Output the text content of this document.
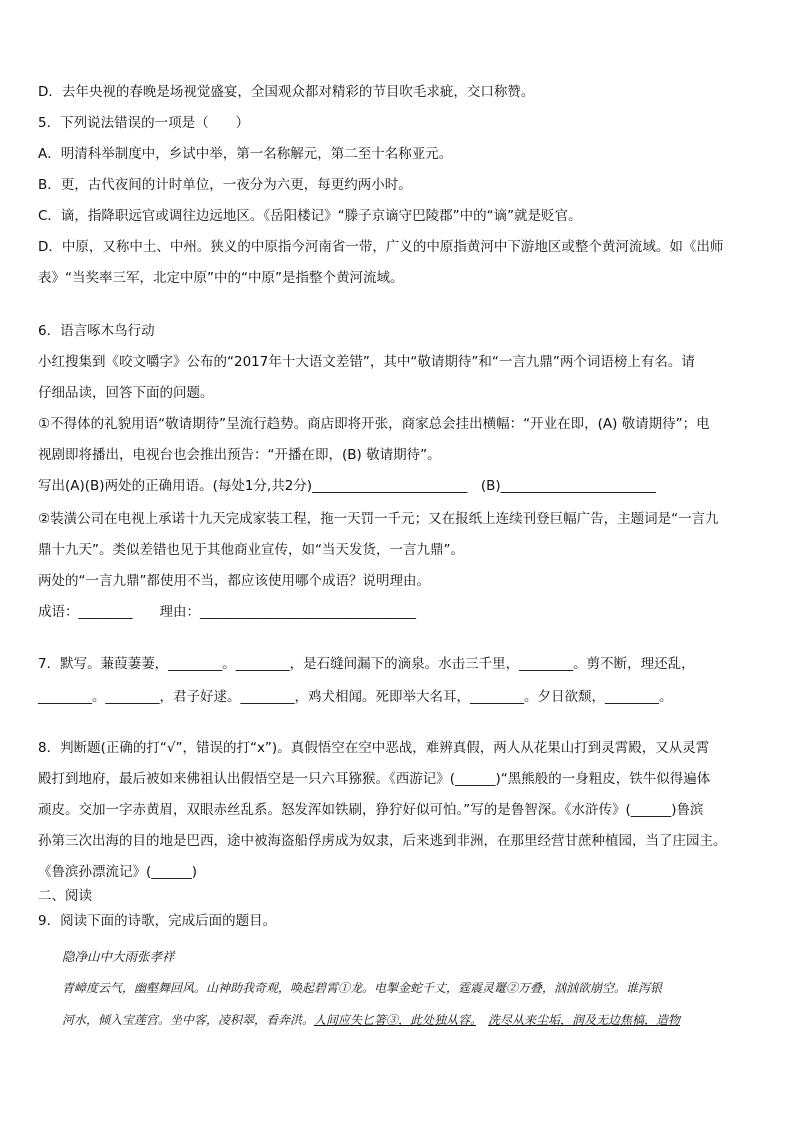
D．去年央视的春晚是场视觉盛宴，全国观众都对精彩的节目吹毛求疵，交口称赞。
5．下列说法错误的一项是（　　）
A．明清科举制度中，乡试中举，第一名称解元，第二至十名称亚元。
B．更，古代夜间的计时单位，一夜分为六更，每更约两小时。
C．谪，指降职远官或调往边远地区。《岳阳楼记》“滕子京谪守巴陵郡”中的“谪”就是贬官。
D．中原，又称中土、中州。狭义的中原指今河南省一带，广义的中原指黄河中下游地区或整个黄河流域。如《出师
表》“当奖率三军，北定中原”中的“中原”是指整个黄河流域。
6．语言啄木鸟行动
小红搜集到《咬文嚼字》公布的“2017年十大语文差错”，其中“敬请期待”和“一言九鼎”两个词语榜上有名。请
仔细品读，回答下面的问题。
①不得体的礼貌用语“敬请期待”呈流行趋势。商店即将开张，商家总会挂出横幅：“开业在即，(A) 敬请期待”；电
视剧即将播出，电视台也会推出预告：“开播在即，(B) 敬请期待”。
写出(A)(B)两处的正确用语。(每处1分,共2分)_______________________　(B)_______________________
②装潢公司在电视上承诺十九天完成家装工程，拖一天罚一千元；又在报纸上连续刊登巨幅广告，主题词是“一言九
鼎十九天”。类似差错也见于其他商业宣传，如“当天发货，一言九鼎”。
两处的“一言九鼎”都使用不当，都应该使用哪个成语？说明理由。
成语：________　　理由：________________________________
7．默写。蒹葭萋萋，________。________，是石缝间漏下的滴泉。水击三千里，________。剪不断，理还乱，
________。________，君子好逑。________，鸡犬相闻。死即举大名耳，________。夕日欲颓，________。
8．判断题(正确的打“√”，错误的打“x”)。真假悟空在空中恶战，难辨真假，两人从花果山打到灵霄殿，又从灵霄
殿打到地府，最后被如来佛祖认出假悟空是一只六耳猕猴。《西游记》(______)“黑熊般的一身粗皮，铁牛似得遍体
顽皮。交加一字赤黄眉，双眼赤丝乱系。怒发浑如铁刷，狰狞好似可怕。”写的是鲁智深。《水浒传》(______)鲁滨
孙第三次出海的目的地是巴西，途中被海盗船俘虏成为奴隶，后来逃到非洲，在那里经营甘蔗种植园，当了庄园主。
《鲁滨孙漂流记》(______)
二、阅读
9．阅读下面的诗歌，完成后面的题目。
隐净山中大雨张孝祥
青嶂度云气，幽壑舞回风。山神助我奇观，唤起碧霄①龙。电掣金蛇千丈，霆震灵鼍②万叠，汹汹欲崩空。谁泻银
河水，倾入宝莲宫。坐中客，凌积翠，看奔洪。人间应失匕箸③，此处独从容。　 洗尽从来尘垢，润及无边焦槁，造物
